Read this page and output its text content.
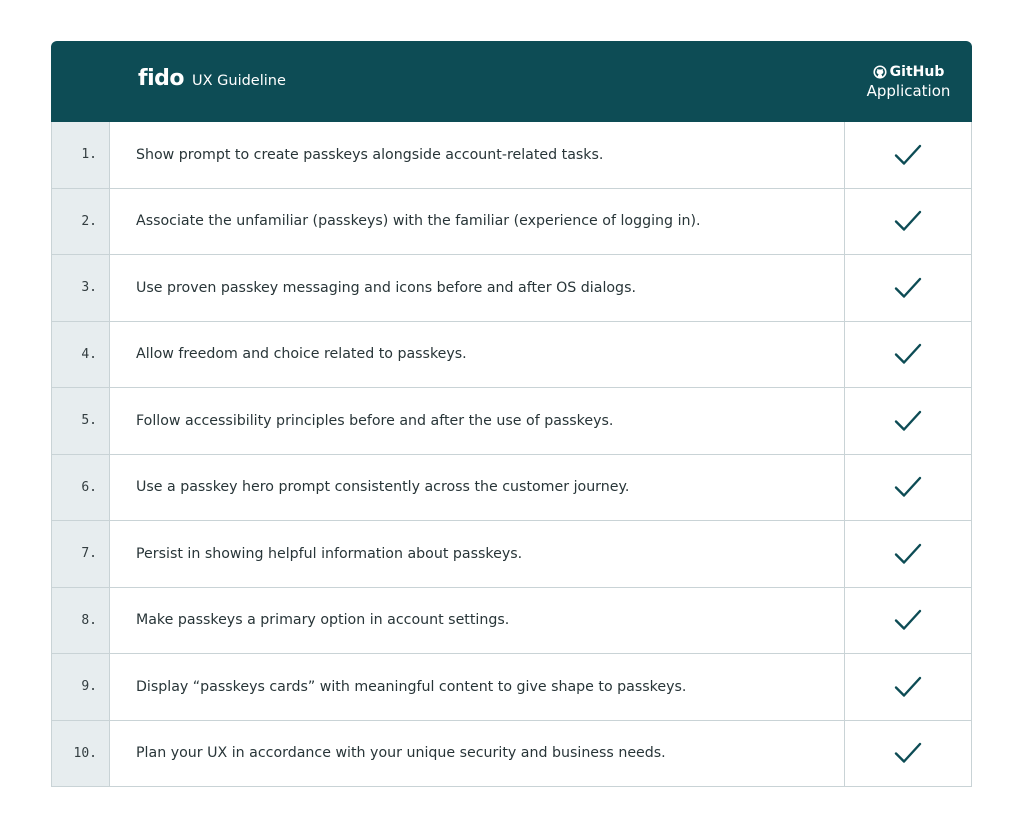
fido UX Guideline
GitHub
Application
1.	Show prompt to create passkeys alongside account-related tasks.
2.	Associate the unfamiliar (passkeys) with the familiar (experience of logging in).
3.	Use proven passkey messaging and icons before and after OS dialogs.
4.	Allow freedom and choice related to passkeys.
5.	Follow accessibility principles before and after the use of passkeys.
6.	Use a passkey hero prompt consistently across the customer journey.
7.	Persist in showing helpful information about passkeys.
8.	Make passkeys a primary option in account settings.
9.	Display “passkeys cards” with meaningful content to give shape to passkeys.
10.	Plan your UX in accordance with your unique security and business needs.
